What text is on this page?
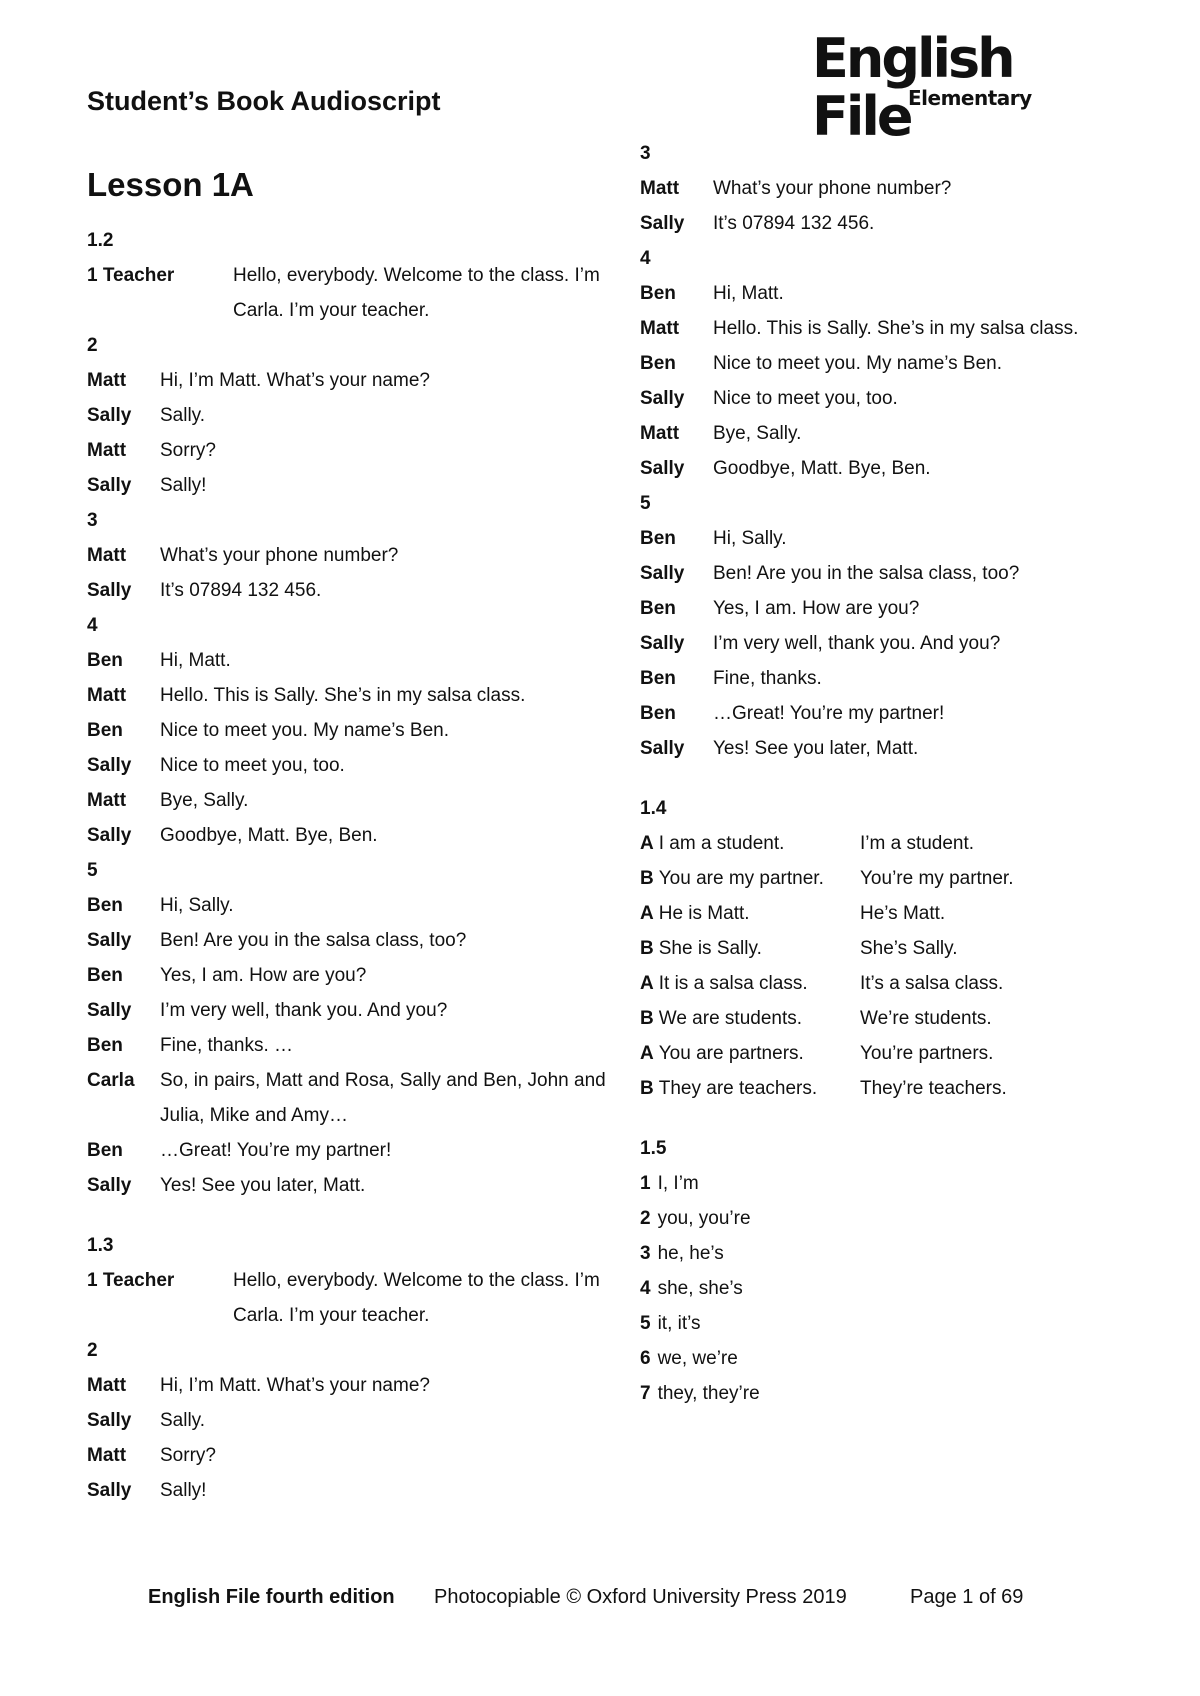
English File
Elementary
Student’s Book Audioscript
Lesson 1A
1.2
1 Teacher	Hello, everybody. Welcome to the class. I’m Carla. I’m your teacher.
2
Matt	Hi, I’m Matt. What’s your name?
Sally	Sally.
Matt	Sorry?
Sally	Sally!
3
Matt	What’s your phone number?
Sally	It’s 07894 132 456.
4
Ben	Hi, Matt.
Matt	Hello. This is Sally. She’s in my salsa class.
Ben	Nice to meet you. My name’s Ben.
Sally	Nice to meet you, too.
Matt	Bye, Sally.
Sally	Goodbye, Matt. Bye, Ben.
5
Ben	Hi, Sally.
Sally	Ben! Are you in the salsa class, too?
Ben	Yes, I am. How are you?
Sally	I’m very well, thank you. And you?
Ben	Fine, thanks. …
Carla	So, in pairs, Matt and Rosa, Sally and Ben, John and Julia, Mike and Amy…
Ben	…Great! You’re my partner!
Sally	Yes! See you later, Matt.
1.3
1 Teacher	Hello, everybody. Welcome to the class. I’m Carla. I’m your teacher.
2
Matt	Hi, I’m Matt. What’s your name?
Sally	Sally.
Matt	Sorry?
Sally	Sally!
3
Matt	What’s your phone number?
Sally	It’s 07894 132 456.
4
Ben	Hi, Matt.
Matt	Hello. This is Sally. She’s in my salsa class.
Ben	Nice to meet you. My name’s Ben.
Sally	Nice to meet you, too.
Matt	Bye, Sally.
Sally	Goodbye, Matt. Bye, Ben.
5
Ben	Hi, Sally.
Sally	Ben! Are you in the salsa class, too?
Ben	Yes, I am. How are you?
Sally	I’m very well, thank you. And you?
Ben	Fine, thanks.
Ben	…Great! You’re my partner!
Sally	Yes! See you later, Matt.
1.4
A I am a student.	I’m a student.
B You are my partner.	You’re my partner.
A He is Matt.	He’s Matt.
B She is Sally.	She’s Sally.
A It is a salsa class.	It’s a salsa class.
B We are students.	We’re students.
A You are partners.	You’re partners.
B They are teachers.	They’re teachers.
1.5
1 I, I’m
2 you, you’re
3 he, he’s
4 she, she’s
5 it, it’s
6 we, we’re
7 they, they’re
English File fourth edition Photocopiable © Oxford University Press 2019	Page 1 of 69
